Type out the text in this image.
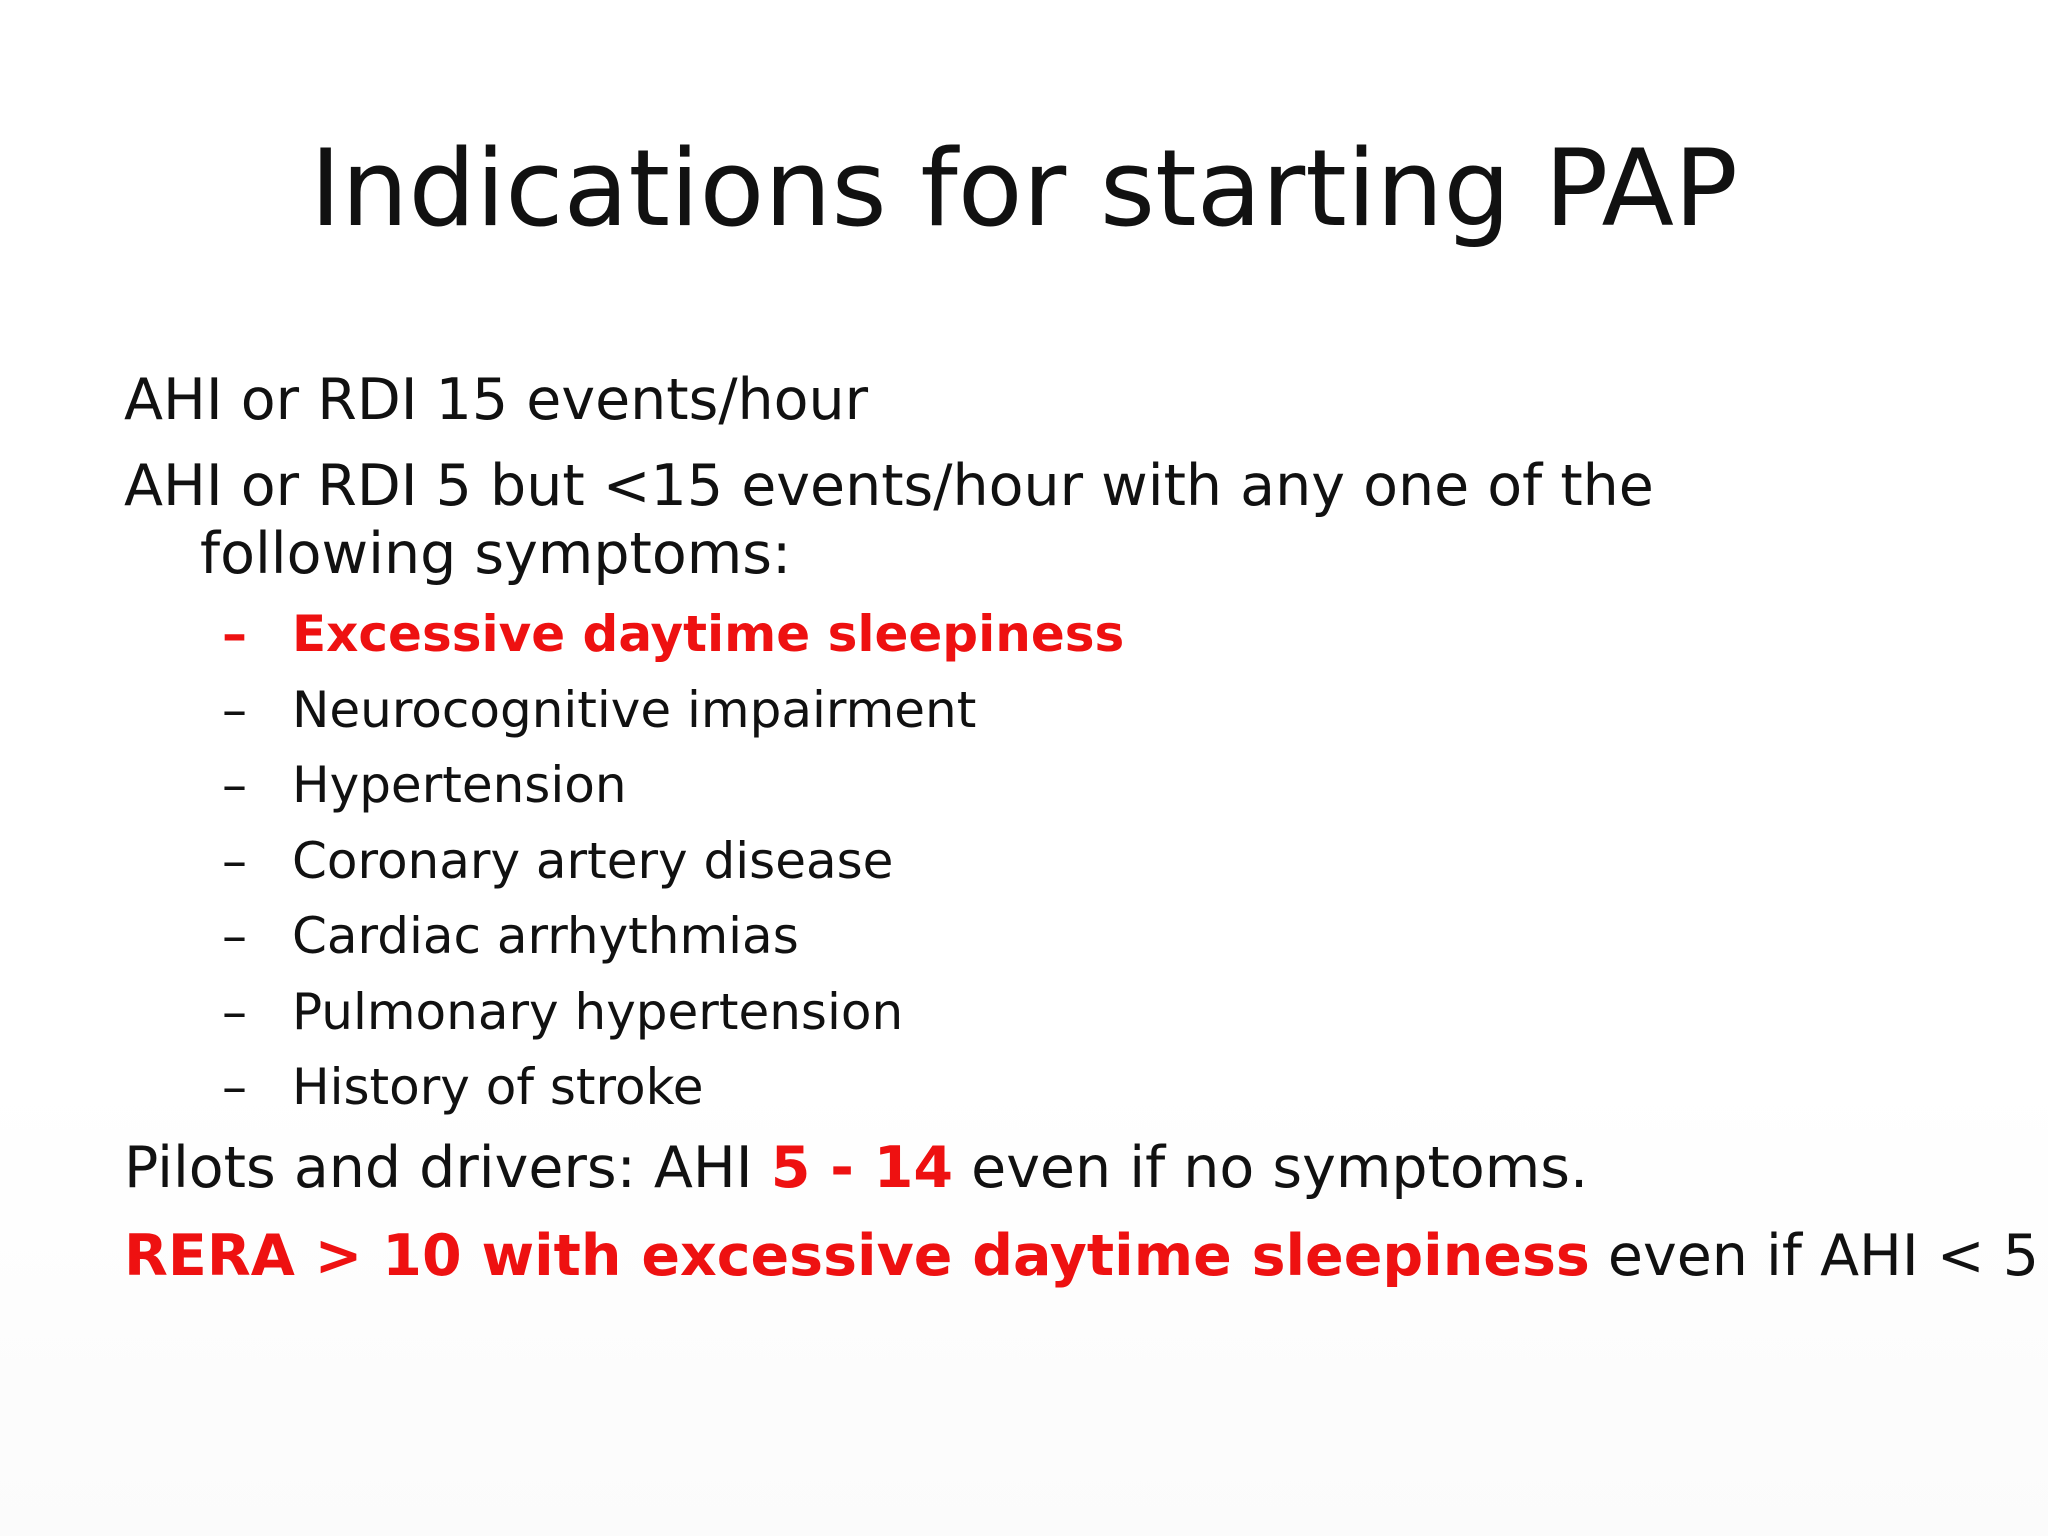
Indications for starting PAP
AHI or RDI 15 events/hour
AHI or RDI 5 but <15 events/hour with any one of the
following symptoms:
– Excessive daytime sleepiness
– Neurocognitive impairment
– Hypertension
– Coronary artery disease
– Cardiac arrhythmias
– Pulmonary hypertension
– History of stroke
Pilots and drivers: AHI 5 - 14 even if no symptoms.
RERA > 10 with excessive daytime sleepiness even if AHI < 5
